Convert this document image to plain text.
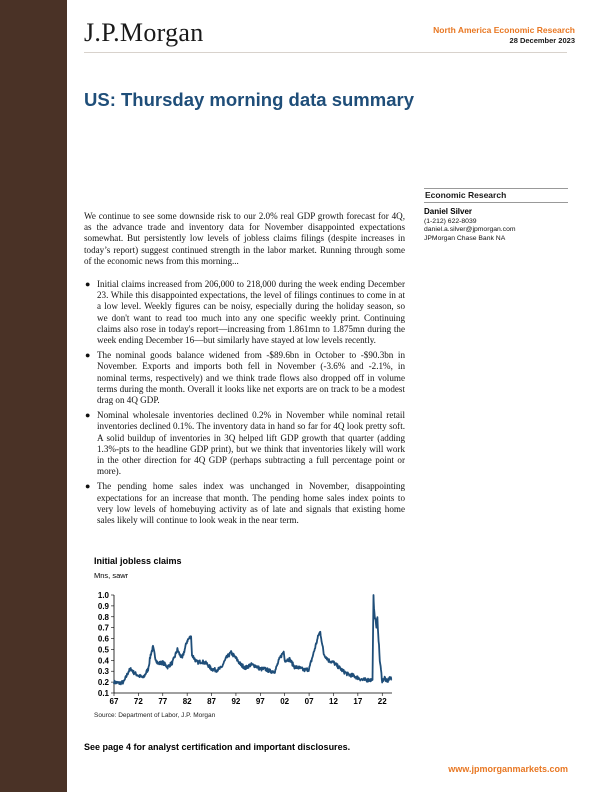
J.P.Morgan	North America Economic Research
28 December 2023
US: Thursday morning data summary
Economic Research
Daniel Silver
(1-212) 622-8039
daniel.a.silver@jpmorgan.com
JPMorgan Chase Bank NA

We continue to see some downside risk to our 2.0% real GDP growth forecast for 4Q, as the advance trade and inventory data for November disappointed expectations somewhat. But persistently low levels of jobless claims filings (despite increases in today’s report) suggest continued strength in the labor market. Running through some of the economic news from this morning...

● Initial claims increased from 206,000 to 218,000 during the week ending December 23. While this disappointed expectations, the level of filings continues to come in at a low level. Weekly figures can be noisy, especially during the holiday season, so we don't want to read too much into any one specific weekly print. Continuing claims also rose in today's report—increasing from 1.861mn to 1.875mn during the week ending December 16—but similarly have stayed at low levels recently.
● The nominal goods balance widened from -$89.6bn in October to -$90.3bn in November. Exports and imports both fell in November (-3.6% and -2.1%, in nominal terms, respectively) and we think trade flows also dropped off in volume terms during the month. Overall it looks like net exports are on track to be a modest drag on 4Q GDP.
● Nominal wholesale inventories declined 0.2% in November while nominal retail inventories declined 0.1%. The inventory data in hand so far for 4Q look pretty soft. A solid buildup of inventories in 3Q helped lift GDP growth that quarter (adding 1.3%-pts to the headline GDP print), but we think that inventories likely will work in the other direction for 4Q GDP (perhaps subtracting a full percentage point or more).
● The pending home sales index was unchanged in November, disappointing expectations for an increase that month. The pending home sales index points to very low levels of homebuying activity as of late and signals that existing home sales likely will continue to look weak in the near term.
Initial jobless claims
Mns, sawr
0.1
0.2
0.3
0.4
0.5
0.6
0.7
0.8
0.9
1.0
67 72 77 82 87 92 97 02 07 12 17 22
Source: Department of Labor, J.P. Morgan
See page 4 for analyst certification and important disclosures.
www.jpmorganmarkets.com
